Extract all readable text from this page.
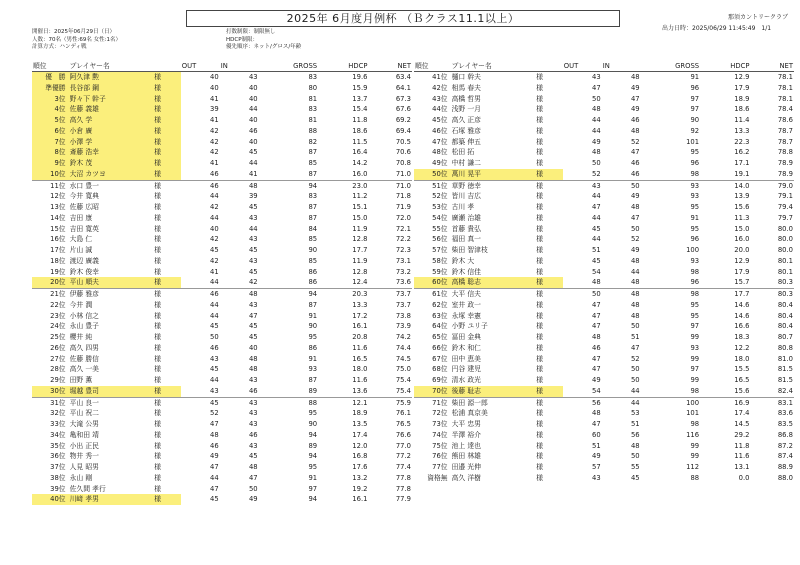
那須カントリークラブ
2025年 6月度月例杯 （Ｂクラス11.1以上）
出力日時：2025/06/29 11:45:49　1/1
開催日：2025年06月29日（日）
人数：70名（男性:69名 女性:1名）
計算方式：ハンディ戦
打数制限：制限無し
HDCP制限：
優先順序：ネット/グロス/年齢
順位	プレイヤー名		OUT	IN	GROSS	HDCP	NET
優　勝	阿久津 勲	様	40	43	83	19.6	63.4
準優勝	長谷部 鋼	様	40	40	80	15.9	64.1
3位	野々下 幹子	様	41	40	81	13.7	67.3
4位	佐藤 義雄	様	39	44	83	15.4	67.6
5位	高久 学	様	41	40	81	11.8	69.2
6位	小倉 廣	様	42	46	88	18.6	69.4
7位	小澤 学	様	42	40	82	11.5	70.5
8位	斎藤 浩幸	様	42	45	87	16.4	70.6
9位	鈴木 茂	様	41	44	85	14.2	70.8
10位	大沼 カツヨ	様	46	41	87	16.0	71.0
11位	水口 豊一	様	46	48	94	23.0	71.0
12位	今井 寛典	様	44	39	83	11.2	71.8
13位	佐藤 広昭	様	42	45	87	15.1	71.9
14位	吉田 康	様	44	43	87	15.0	72.0
15位	吉田 寛英	様	40	44	84	11.9	72.1
16位	大島 仁	様	42	43	85	12.8	72.2
17位	片山 誠	様	45	45	90	17.7	72.3
18位	渡辺 廣義	様	42	43	85	11.9	73.1
19位	鈴木 俊幸	様	41	45	86	12.8	73.2
20位	平山 順夫	様	44	42	86	12.4	73.6
21位	伊藤 雅彦	様	46	48	94	20.3	73.7
22位	今井 潤	様	44	43	87	13.3	73.7
23位	小林 信之	様	44	47	91	17.2	73.8
24位	永山 豊子	様	45	45	90	16.1	73.9
25位	櫻井 純	様	50	45	95	20.8	74.2
26位	高久 四男	様	46	40	86	11.6	74.4
27位	佐藤 勝信	様	43	48	91	16.5	74.5
28位	高久 一美	様	45	48	93	18.0	75.0
29位	田野 薫	様	44	43	87	11.6	75.4
30位	堀越 豊司	様	43	46	89	13.6	75.4
31位	平山 良一	様	45	43	88	12.1	75.9
32位	平山 祝二	様	52	43	95	18.9	76.1
33位	大滝 公男	様	47	43	90	13.5	76.5
34位	亀和田 靖	様	48	46	94	17.4	76.6
35位	小出 正民	様	46	43	89	12.0	77.0
36位	物井 秀一	様	49	45	94	16.8	77.2
37位	人見 昭男	様	47	48	95	17.6	77.4
38位	永山 剛	様	44	47	91	13.2	77.8
39位	佐久間 孝行	様	47	50	97	19.2	77.8
40位	川﨑 孝男	様	45	49	94	16.1	77.9
順位	プレイヤー名		OUT	IN	GROSS	HDCP	NET
41位	樋口 幹夫	様	43	48	91	12.9	78.1
42位	相馬 春夫	様	47	49	96	17.9	78.1
43位	高橋 哲男	様	50	47	97	18.9	78.1
44位	浅野 一月	様	48	49	97	18.6	78.4
45位	高久 正彦	様	44	46	90	11.4	78.6
46位	石塚 雅彦	様	44	48	92	13.3	78.7
47位	都築 伸五	様	49	52	101	22.3	78.7
48位	松田 拓	様	48	47	95	16.2	78.8
49位	中村 謙二	様	50	46	96	17.1	78.9
50位	萬川 晃平	様	52	46	98	19.1	78.9
51位	草野 徳幸	様	43	50	93	14.0	79.0
52位	皆川 吉広	様	44	49	93	13.9	79.1
53位	古川 孝	様	47	48	95	15.6	79.4
54位	廣瀬 治雄	様	44	47	91	11.3	79.7
55位	首藤 貴弘	様	45	50	95	15.0	80.0
56位	福田 真一	様	44	52	96	16.0	80.0
57位	柴田 智津枝	様	51	49	100	20.0	80.0
58位	鈴木 大	様	45	48	93	12.9	80.1
59位	鈴木 信佳	様	54	44	98	17.9	80.1
60位	高橋 聡志	様	48	48	96	15.7	80.3
61位	大平 信夫	様	50	48	98	17.7	80.3
62位	室井 政一	様	47	48	95	14.6	80.4
63位	永塚 幸憲	様	47	48	95	14.6	80.4
64位	小野 ユリ子	様	47	50	97	16.6	80.4
65位	冨田 金典	様	48	51	99	18.3	80.7
66位	鈴木 和仁	様	46	47	93	12.2	80.8
67位	田中 恵美	様	47	52	99	18.0	81.0
68位	円谷 建児	様	47	50	97	15.5	81.5
69位	清水 政光	様	49	50	99	16.5	81.5
70位	後藤 耻志	様	54	44	98	15.6	82.4
71位	柴田 源一郎	様	56	44	100	16.9	83.1
72位	松浦 真京美	様	48	53	101	17.4	83.6
73位	大平 忠男	様	47	51	98	14.5	83.5
74位	半澤 裕介	様	60	56	116	29.2	86.8
75位	池上 達也	様	51	48	99	11.8	87.2
76位	熊田 林雄	様	49	50	99	11.6	87.4
77位	田邉 光伸	様	57	55	112	13.1	88.9
資格無	高久 洋樹	様	43	45	88	0.0	88.0
